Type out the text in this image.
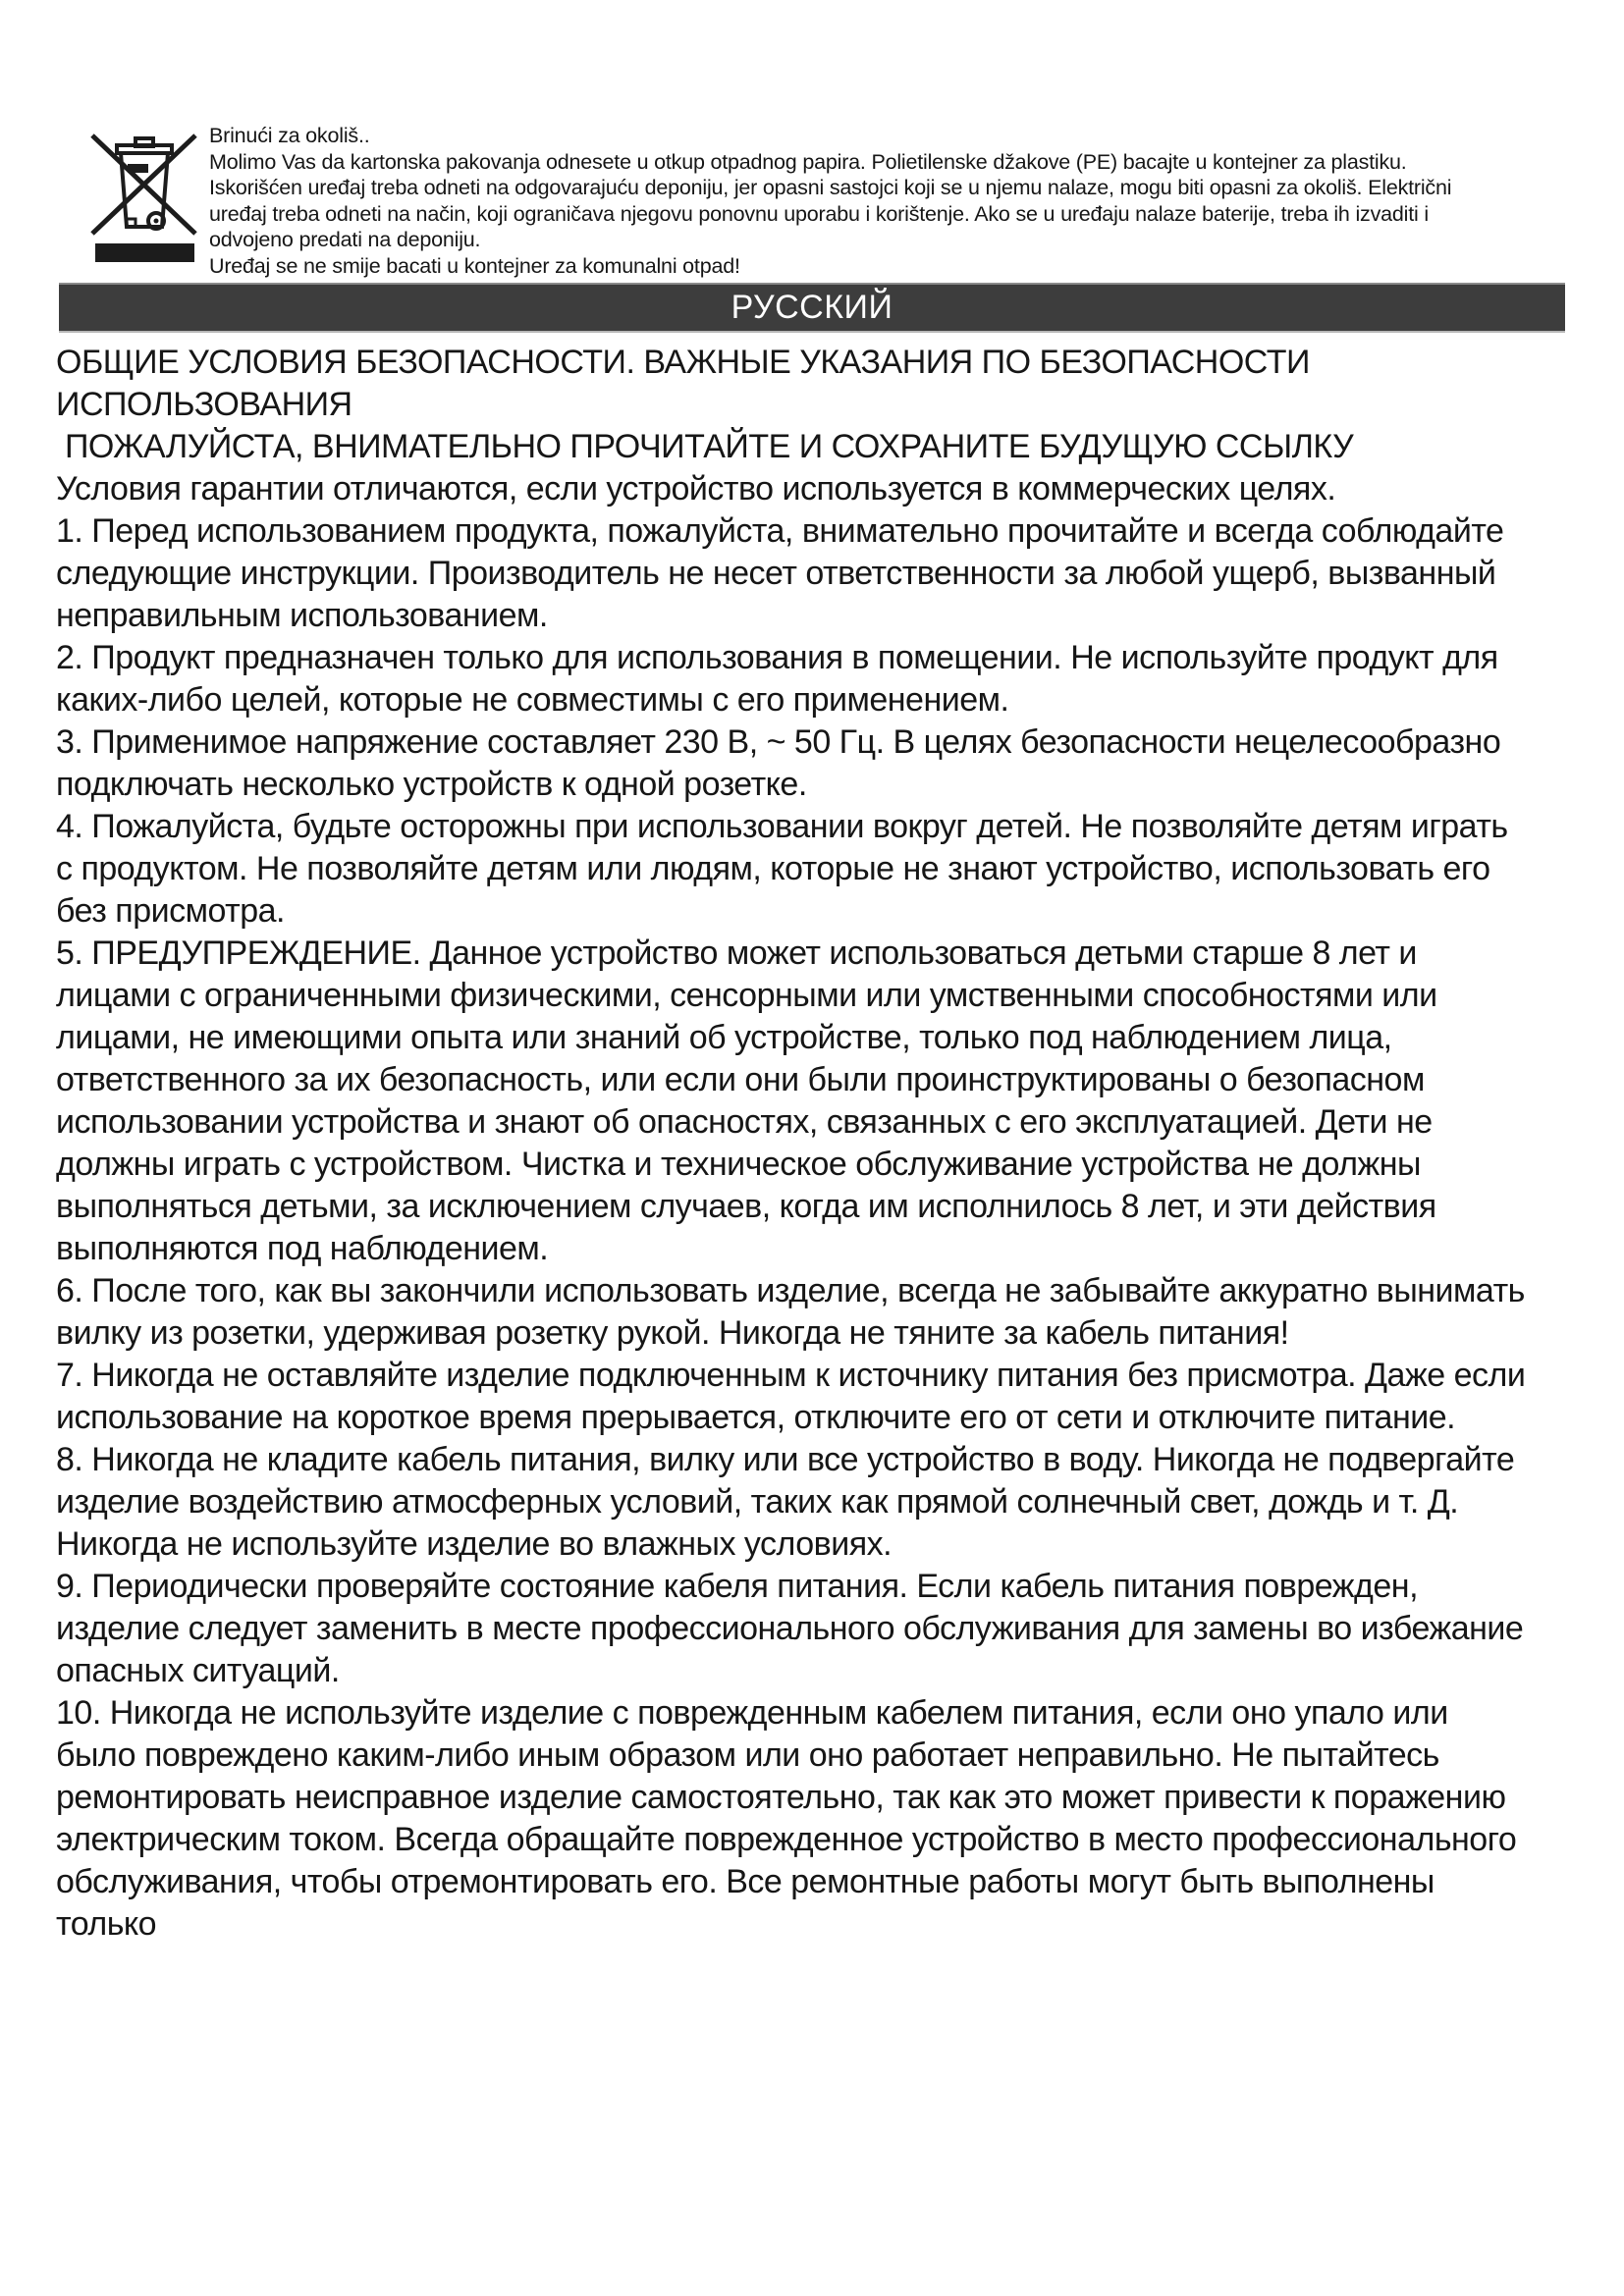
Brinući za okoliš..

Molimo Vas da kartonska pakovanja odnesete u otkup otpadnog papira. Polietilenske džakove (PE) bacajte u kontejner za plastiku. Iskorišćen uređaj treba odneti na odgovarajuću deponiju, jer opasni sastojci koji se u njemu nalaze, mogu biti opasni za okoliš. Električni uređaj treba odneti na način, koji ograničava njegovu ponovnu uporabu i korištenje. Ako se u uređaju nalaze baterije, treba ih izvaditi i odvojeno predati na deponiju.

Uređaj se ne smije bacati u kontejner za komunalni otpad!

РУССКИЙ

ОБЩИЕ УСЛОВИЯ БЕЗОПАСНОСТИ. ВАЖНЫЕ УКАЗАНИЯ ПО БЕЗОПАСНОСТИ ИСПОЛЬЗОВАНИЯ

ПОЖАЛУЙСТА, ВНИМАТЕЛЬНО ПРОЧИТАЙТЕ И СОХРАНИТЕ БУДУЩУЮ ССЫЛКУ

Условия гарантии отличаются, если устройство используется в коммерческих целях.

1. Перед использованием продукта, пожалуйста, внимательно прочитайте и всегда соблюдайте следующие инструкции. Производитель не несет ответственности за любой ущерб, вызванный неправильным использованием.

2. Продукт предназначен только для использования в помещении. Не используйте продукт для каких-либо целей, которые не совместимы с его применением.

3. Применимое напряжение составляет 230 В, ~ 50 Гц. В целях безопасности нецелесообразно подключать несколько устройств к одной розетке.

4. Пожалуйста, будьте осторожны при использовании вокруг детей. Не позволяйте детям играть с продуктом. Не позволяйте детям или людям, которые не знают устройство, использовать его без присмотра.

5. ПРЕДУПРЕЖДЕНИЕ. Данное устройство может использоваться детьми старше 8 лет и лицами с ограниченными физическими, сенсорными или умственными способностями или лицами, не имеющими опыта или знаний об устройстве, только под наблюдением лица, ответственного за их безопасность, или если они были проинструктированы о безопасном использовании устройства и знают об опасностях, связанных с его эксплуатацией. Дети не должны играть с устройством. Чистка и техническое обслуживание устройства не должны выполняться детьми, за исключением случаев, когда им исполнилось 8 лет, и эти действия выполняются под наблюдением.

6. После того, как вы закончили использовать изделие, всегда не забывайте аккуратно вынимать вилку из розетки, удерживая розетку рукой. Никогда не тяните за кабель питания!

7. Никогда не оставляйте изделие подключенным к источнику питания без присмотра. Даже если использование на короткое время прерывается, отключите его от сети и отключите питание.

8. Никогда не кладите кабель питания, вилку или все устройство в воду. Никогда не подвергайте изделие воздействию атмосферных условий, таких как прямой солнечный свет, дождь и т. Д. Никогда не используйте изделие во влажных условиях.

9. Периодически проверяйте состояние кабеля питания. Если кабель питания поврежден, изделие следует заменить в месте профессионального обслуживания для замены во избежание опасных ситуаций.

10. Никогда не используйте изделие с поврежденным кабелем питания, если оно упало или было повреждено каким-либо иным образом или оно работает неправильно. Не пытайтесь ремонтировать неисправное изделие самостоятельно, так как это может привести к поражению электрическим током. Всегда обращайте поврежденное устройство в место профессионального обслуживания, чтобы отремонтировать его. Все ремонтные работы могут быть выполнены только
